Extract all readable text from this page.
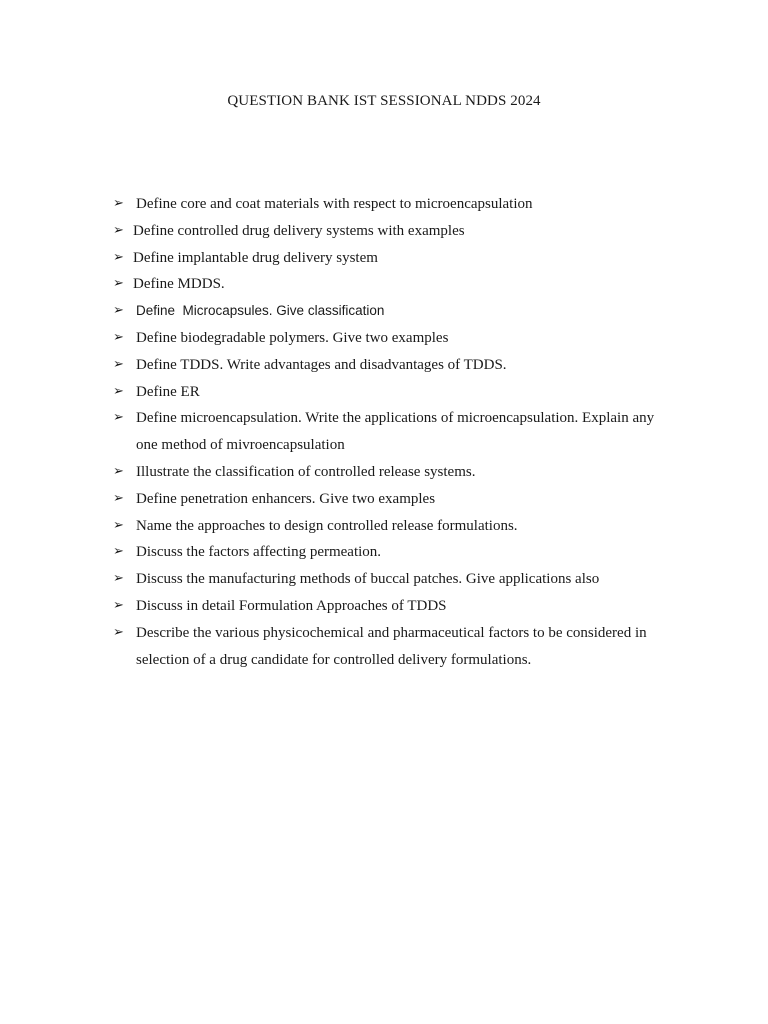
QUESTION BANK IST SESSIONAL NDDS 2024
➢ Define core and coat materials with respect to microencapsulation
➢ Define controlled drug delivery systems with examples
➢ Define implantable drug delivery system
➢ Define MDDS.
➢ Define  Microcapsules. Give classification
➢ Define biodegradable polymers. Give two examples
➢ Define TDDS. Write advantages and disadvantages of TDDS.
➢ Define ER
➢ Define microencapsulation. Write the applications of microencapsulation. Explain any one method of mivroencapsulation
➢ Illustrate the classification of controlled release systems.
➢ Define penetration enhancers. Give two examples
➢ Name the approaches to design controlled release formulations.
➢ Discuss the factors affecting permeation.
➢ Discuss the manufacturing methods of buccal patches. Give applications also
➢ Discuss in detail Formulation Approaches of TDDS
➢ Describe the various physicochemical and pharmaceutical factors to be considered in selection of a drug candidate for controlled delivery formulations.
